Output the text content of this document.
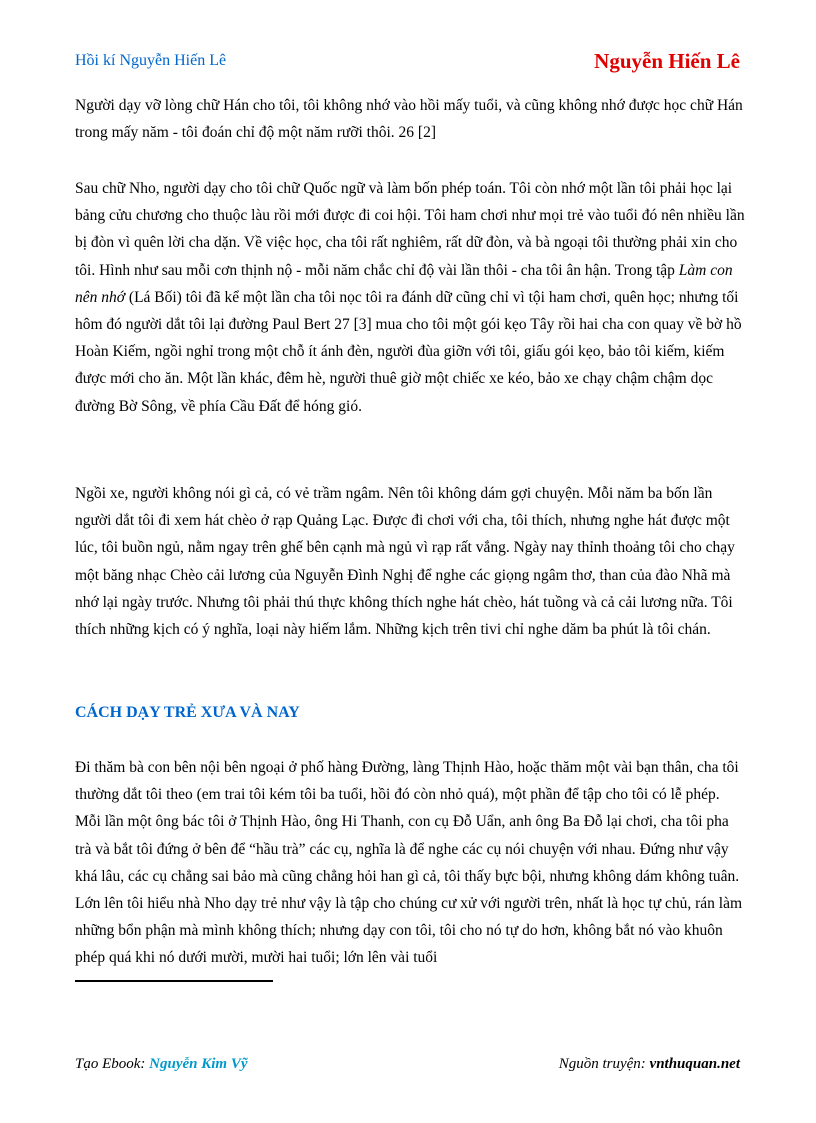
Hồi kí Nguyễn Hiến Lê	Nguyễn Hiến Lê

Người dạy vỡ lòng chữ Hán cho tôi, tôi không nhớ vào hồi mấy tuổi, và cũng không nhớ được học chữ Hán trong mấy năm - tôi đoán chỉ độ một năm rưỡi thôi. 26 [2]

Sau chữ Nho, người dạy cho tôi chữ Quốc ngữ và làm bốn phép toán. Tôi còn nhớ một lần tôi phải học lại bảng cửu chương cho thuộc làu rồi mới được đi coi hội. Tôi ham chơi như mọi trẻ vào tuổi đó nên nhiều lần bị đòn vì quên lời cha dặn. Về việc học, cha tôi rất nghiêm, rất dữ đòn, và bà ngoại tôi thường phải xin cho tôi. Hình như sau mỗi cơn thịnh nộ - mỗi năm chắc chỉ độ vài lần thôi - cha tôi ân hận. Trong tập Làm con nên nhớ (Lá Bối) tôi đã kể một lần cha tôi nọc tôi ra đánh dữ cũng chỉ vì tội ham chơi, quên học; nhưng tối hôm đó người dắt tôi lại đường Paul Bert 27 [3] mua cho tôi một gói kẹo Tây rồi hai cha con quay về bờ hồ Hoàn Kiếm, ngồi nghỉ trong một chỗ ít ánh đèn, người đùa giỡn với tôi, giấu gói kẹo, bảo tôi kiếm, kiếm được mới cho ăn. Một lần khác, đêm hè, người thuê giờ một chiếc xe kéo, bảo xe chạy chậm chậm dọc đường Bờ Sông, về phía Cầu Đất để hóng gió.

Ngồi xe, người không nói gì cả, có vẻ trầm ngâm. Nên tôi không dám gợi chuyện. Mỗi năm ba bốn lần người dắt tôi đi xem hát chèo ở rạp Quảng Lạc. Được đi chơi với cha, tôi thích, nhưng nghe hát được một lúc, tôi buồn ngủ, nằm ngay trên ghế bên cạnh mà ngủ vì rạp rất vắng. Ngày nay thỉnh thoảng tôi cho chạy một băng nhạc Chèo cải lương của Nguyễn Đình Nghị để nghe các giọng ngâm thơ, than của đào Nhã mà nhớ lại ngày trước. Nhưng tôi phải thú thực không thích nghe hát chèo, hát tuồng và cả cải lương nữa. Tôi thích những kịch có ý nghĩa, loại này hiếm lắm. Những kịch trên tivi chỉ nghe dăm ba phút là tôi chán.

CÁCH DẠY TRẺ XƯA VÀ NAY

Đi thăm bà con bên nội bên ngoại ở phố hàng Đường, làng Thịnh Hào, hoặc thăm một vài bạn thân, cha tôi thường dắt tôi theo (em trai tôi kém tôi ba tuổi, hồi đó còn nhỏ quá), một phần để tập cho tôi có lễ phép. Mỗi lần một ông bác tôi ở Thịnh Hào, ông Hi Thanh, con cụ Đỗ Uẩn, anh ông Ba Đỗ lại chơi, cha tôi pha trà và bắt tôi đứng ở bên để “hầu trà” các cụ, nghĩa là để nghe các cụ nói chuyện với nhau. Đứng như vậy khá lâu, các cụ chẳng sai bảo mà cũng chẳng hỏi han gì cả, tôi thấy bực bội, nhưng không dám không tuân. Lớn lên tôi hiểu nhà Nho dạy trẻ như vậy là tập cho chúng cư xử với người trên, nhất là học tự chủ, rán làm những bổn phận mà mình không thích; nhưng dạy con tôi, tôi cho nó tự do hơn, không bắt nó vào khuôn phép quá khi nó dưới mười, mười hai tuổi; lớn lên vài tuổi

Tạo Ebook: Nguyễn Kim Vỹ	Nguồn truyện: vnthuquan.net
